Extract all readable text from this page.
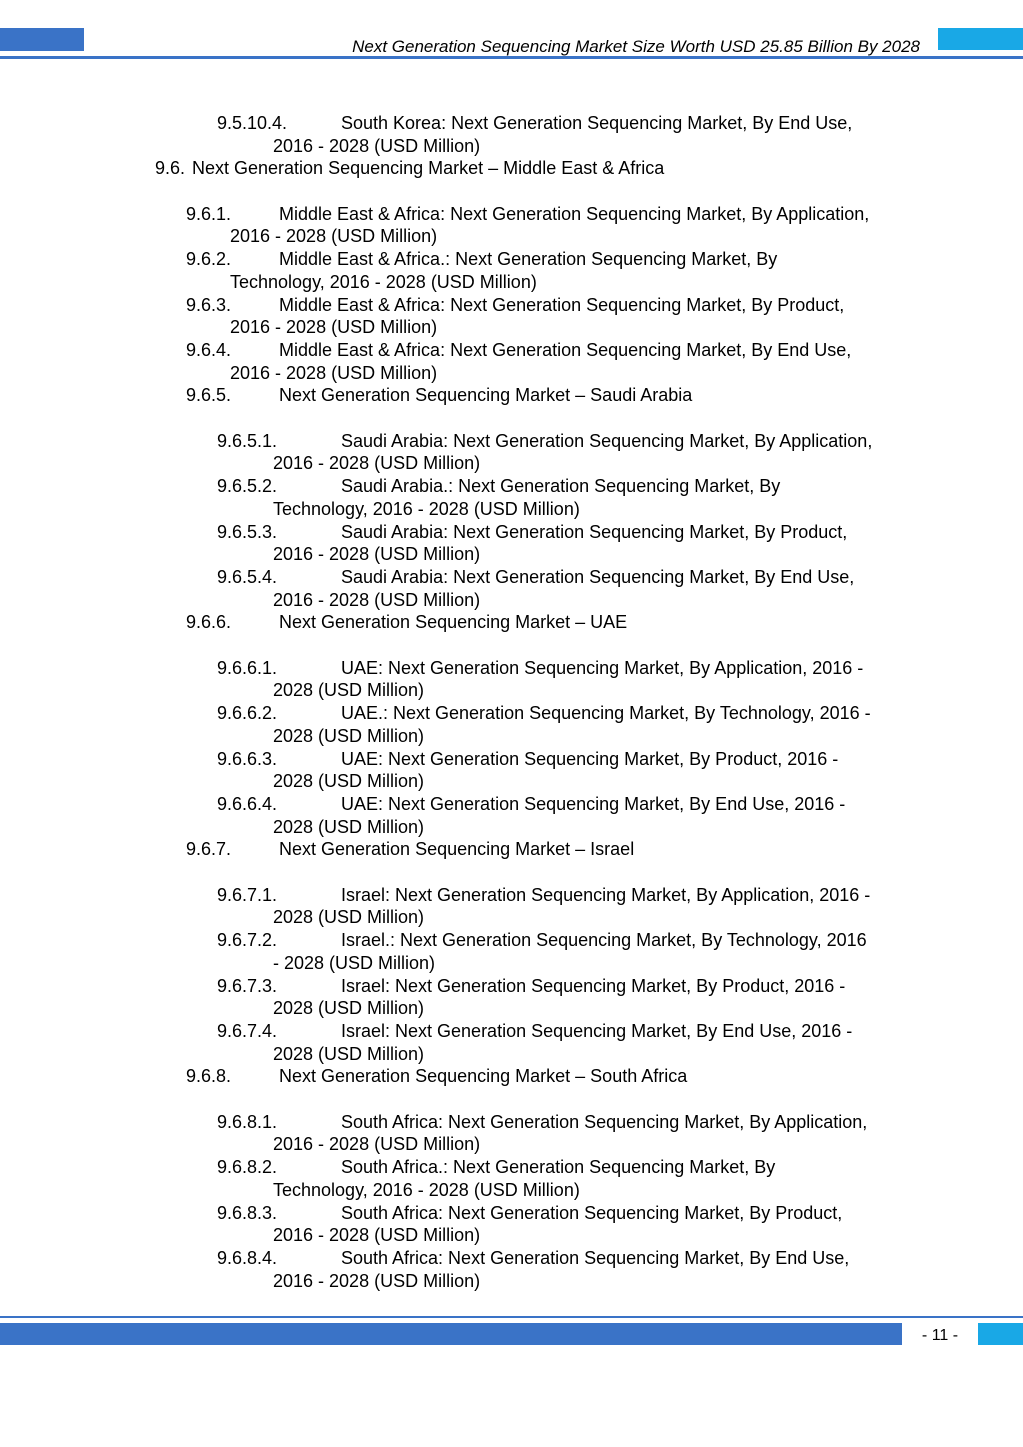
Next Generation Sequencing Market Size Worth USD 25.85 Billion By 2028
9.5.10.4.	South Korea: Next Generation Sequencing Market, By End Use,
2016 - 2028 (USD Million)
9.6. Next Generation Sequencing Market – Middle East & Africa
9.6.1.	Middle East & Africa: Next Generation Sequencing Market, By Application,
2016 - 2028 (USD Million)
9.6.2.	Middle East & Africa.: Next Generation Sequencing Market, By
Technology, 2016 - 2028 (USD Million)
9.6.3.	Middle East & Africa: Next Generation Sequencing Market, By Product,
2016 - 2028 (USD Million)
9.6.4.	Middle East & Africa: Next Generation Sequencing Market, By End Use,
2016 - 2028 (USD Million)
9.6.5.	Next Generation Sequencing Market – Saudi Arabia
9.6.5.1.	Saudi Arabia: Next Generation Sequencing Market, By Application,
2016 - 2028 (USD Million)
9.6.5.2.	Saudi Arabia.: Next Generation Sequencing Market, By
Technology, 2016 - 2028 (USD Million)
9.6.5.3.	Saudi Arabia: Next Generation Sequencing Market, By Product,
2016 - 2028 (USD Million)
9.6.5.4.	Saudi Arabia: Next Generation Sequencing Market, By End Use,
2016 - 2028 (USD Million)
9.6.6.	Next Generation Sequencing Market – UAE
9.6.6.1.	UAE: Next Generation Sequencing Market, By Application, 2016 -
2028 (USD Million)
9.6.6.2.	UAE.: Next Generation Sequencing Market, By Technology, 2016 -
2028 (USD Million)
9.6.6.3.	UAE: Next Generation Sequencing Market, By Product, 2016 -
2028 (USD Million)
9.6.6.4.	UAE: Next Generation Sequencing Market, By End Use, 2016 -
2028 (USD Million)
9.6.7.	Next Generation Sequencing Market – Israel
9.6.7.1.	Israel: Next Generation Sequencing Market, By Application, 2016 -
2028 (USD Million)
9.6.7.2.	Israel.: Next Generation Sequencing Market, By Technology, 2016
- 2028 (USD Million)
9.6.7.3.	Israel: Next Generation Sequencing Market, By Product, 2016 -
2028 (USD Million)
9.6.7.4.	Israel: Next Generation Sequencing Market, By End Use, 2016 -
2028 (USD Million)
9.6.8.	Next Generation Sequencing Market – South Africa
9.6.8.1.	South Africa: Next Generation Sequencing Market, By Application,
2016 - 2028 (USD Million)
9.6.8.2.	South Africa.: Next Generation Sequencing Market, By
Technology, 2016 - 2028 (USD Million)
9.6.8.3.	South Africa: Next Generation Sequencing Market, By Product,
2016 - 2028 (USD Million)
9.6.8.4.	South Africa: Next Generation Sequencing Market, By End Use,
2016 - 2028 (USD Million)
- 11 -
